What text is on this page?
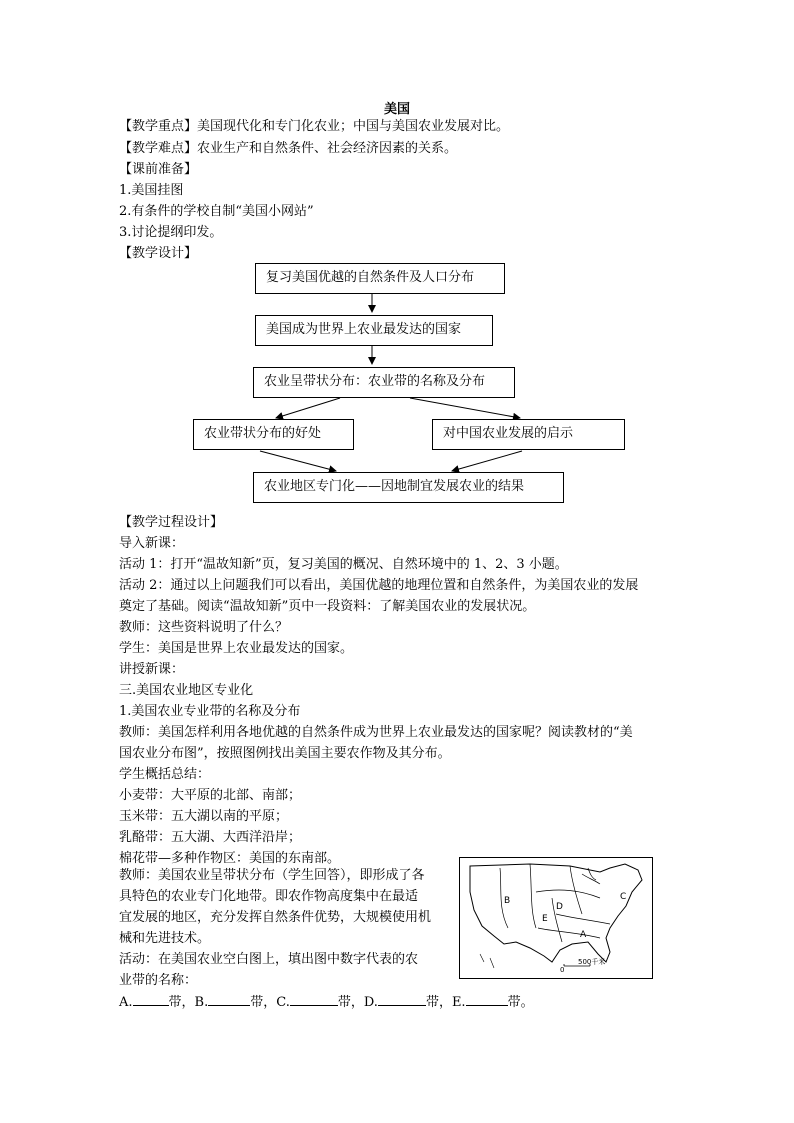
美国
【教学重点】美国现代化和专门化农业；中国与美国农业发展对比。
【教学难点】农业生产和自然条件、社会经济因素的关系。
【课前准备】
1.美国挂图
2.有条件的学校自制“美国小网站”
3.讨论提纲印发。
【教学设计】
复习美国优越的自然条件及人口分布
美国成为世界上农业最发达的国家
农业呈带状分布：农业带的名称及分布
农业带状分布的好处	对中国农业发展的启示
农业地区专门化——因地制宜发展农业的结果
【教学过程设计】
导入新课：
活动 1：打开“温故知新”页，复习美国的概况、自然环境中的 1、2、3 小题。
活动 2：通过以上问题我们可以看出，美国优越的地理位置和自然条件，为美国农业的发展
奠定了基础。阅读“温故知新”页中一段资料：了解美国农业的发展状况。
教师：这些资料说明了什么？
学生：美国是世界上农业最发达的国家。
讲授新课：
三.美国农业地区专业化
1.美国农业专业带的名称及分布
教师：美国怎样利用各地优越的自然条件成为世界上农业最发达的国家呢？阅读教材的“美
国农业分布图”，按照图例找出美国主要农作物及其分布。
学生概括总结：
小麦带：大平原的北部、南部；
玉米带：五大湖以南的平原；
乳酪带：五大湖、大西洋沿岸；
棉花带—多种作物区：美国的东南部。
教师：美国农业呈带状分布（学生回答），即形成了各
具特色的农业专门化地带。即农作物高度集中在最适
宜发展的地区，充分发挥自然条件优势，大规模使用机
械和先进技术。
活动：在美国农业空白图上，填出图中数字代表的农
业带的名称：
A.	带，B.	带，C.	带，D.	带，E.	带。
B
D
C
E
A
0
500千米
